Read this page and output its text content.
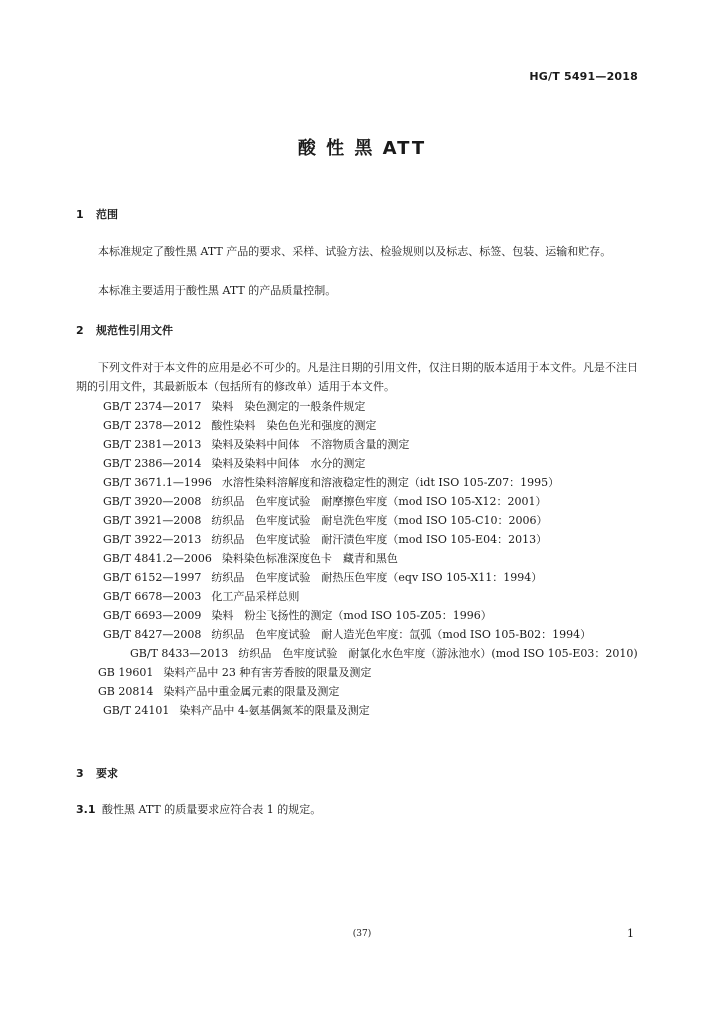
HG/T 5491—2018
酸 性 黑 ATT
1 范围
本标准规定了酸性黑 ATT 产品的要求、采样、试验方法、检验规则以及标志、标签、包装、运输和贮存。
本标准主要适用于酸性黑 ATT 的产品质量控制。
2 规范性引用文件
下列文件对于本文件的应用是必不可少的。凡是注日期的引用文件，仅注日期的版本适用于本文件。凡是不注日期的引用文件，其最新版本（包括所有的修改单）适用于本文件。
GB/T 2374—2017 染料　染色测定的一般条件规定
GB/T 2378—2012 酸性染料　染色色光和强度的测定
GB/T 2381—2013 染料及染料中间体　不溶物质含量的测定
GB/T 2386—2014 染料及染料中间体　水分的测定
GB/T 3671.1—1996 水溶性染料溶解度和溶液稳定性的测定（idt ISO 105-Z07：1995）
GB/T 3920—2008 纺织品　色牢度试验　耐摩擦色牢度（mod ISO 105-X12：2001）
GB/T 3921—2008 纺织品　色牢度试验　耐皂洗色牢度（mod ISO 105-C10：2006）
GB/T 3922—2013 纺织品　色牢度试验　耐汗渍色牢度（mod ISO 105-E04：2013）
GB/T 4841.2—2006 染料染色标准深度色卡　藏青和黑色
GB/T 6152—1997 纺织品　色牢度试验　耐热压色牢度（eqv ISO 105-X11：1994）
GB/T 6678—2003 化工产品采样总则
GB/T 6693—2009 染料　粉尘飞扬性的测定（mod ISO 105-Z05：1996）
GB/T 8427—2008 纺织品　色牢度试验　耐人造光色牢度：氙弧（mod ISO 105-B02：1994）
GB/T 8433—2013 纺织品　色牢度试验　耐氯化水色牢度（游泳池水）(mod ISO 105-E03：2010)
GB 19601 染料产品中 23 种有害芳香胺的限量及测定
GB 20814 染料产品中重金属元素的限量及测定
GB/T 24101 染料产品中 4-氨基偶氮苯的限量及测定
3 要求
3.1 酸性黑 ATT 的质量要求应符合表 1 的规定。
(37)	1
